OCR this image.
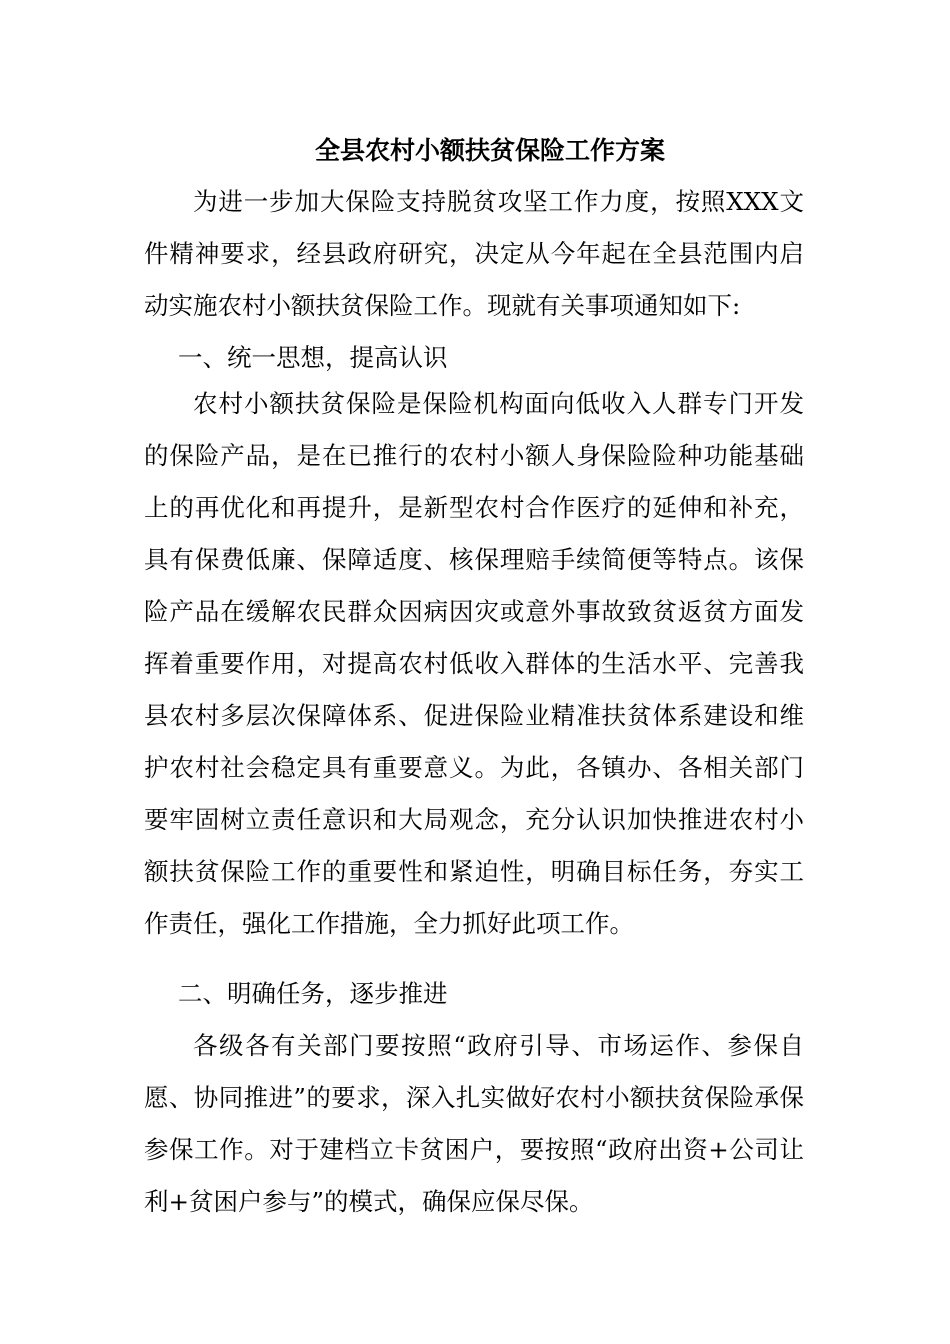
全县农村小额扶贫保险工作方案

为进一步加大保险支持脱贫攻坚工作力度，按照XXX文件精神要求，经县政府研究，决定从今年起在全县范围内启动实施农村小额扶贫保险工作。现就有关事项通知如下:

一、统一思想，提高认识

农村小额扶贫保险是保险机构面向低收入人群专门开发的保险产品，是在已推行的农村小额人身保险险种功能基础上的再优化和再提升，是新型农村合作医疗的延伸和补充，具有保费低廉、保障适度、核保理赔手续简便等特点。该保险产品在缓解农民群众因病因灾或意外事故致贫返贫方面发挥着重要作用，对提高农村低收入群体的生活水平、完善我县农村多层次保障体系、促进保险业精准扶贫体系建设和维护农村社会稳定具有重要意义。为此，各镇办、各相关部门要牢固树立责任意识和大局观念，充分认识加快推进农村小额扶贫保险工作的重要性和紧迫性，明确目标任务，夯实工作责任，强化工作措施，全力抓好此项工作。

二、明确任务，逐步推进

各级各有关部门要按照“政府引导、市场运作、参保自愿、协同推进”的要求，深入扎实做好农村小额扶贫保险承保参保工作。对于建档立卡贫困户，要按照“政府出资+公司让利+贫困户参与”的模式，确保应保尽保。
